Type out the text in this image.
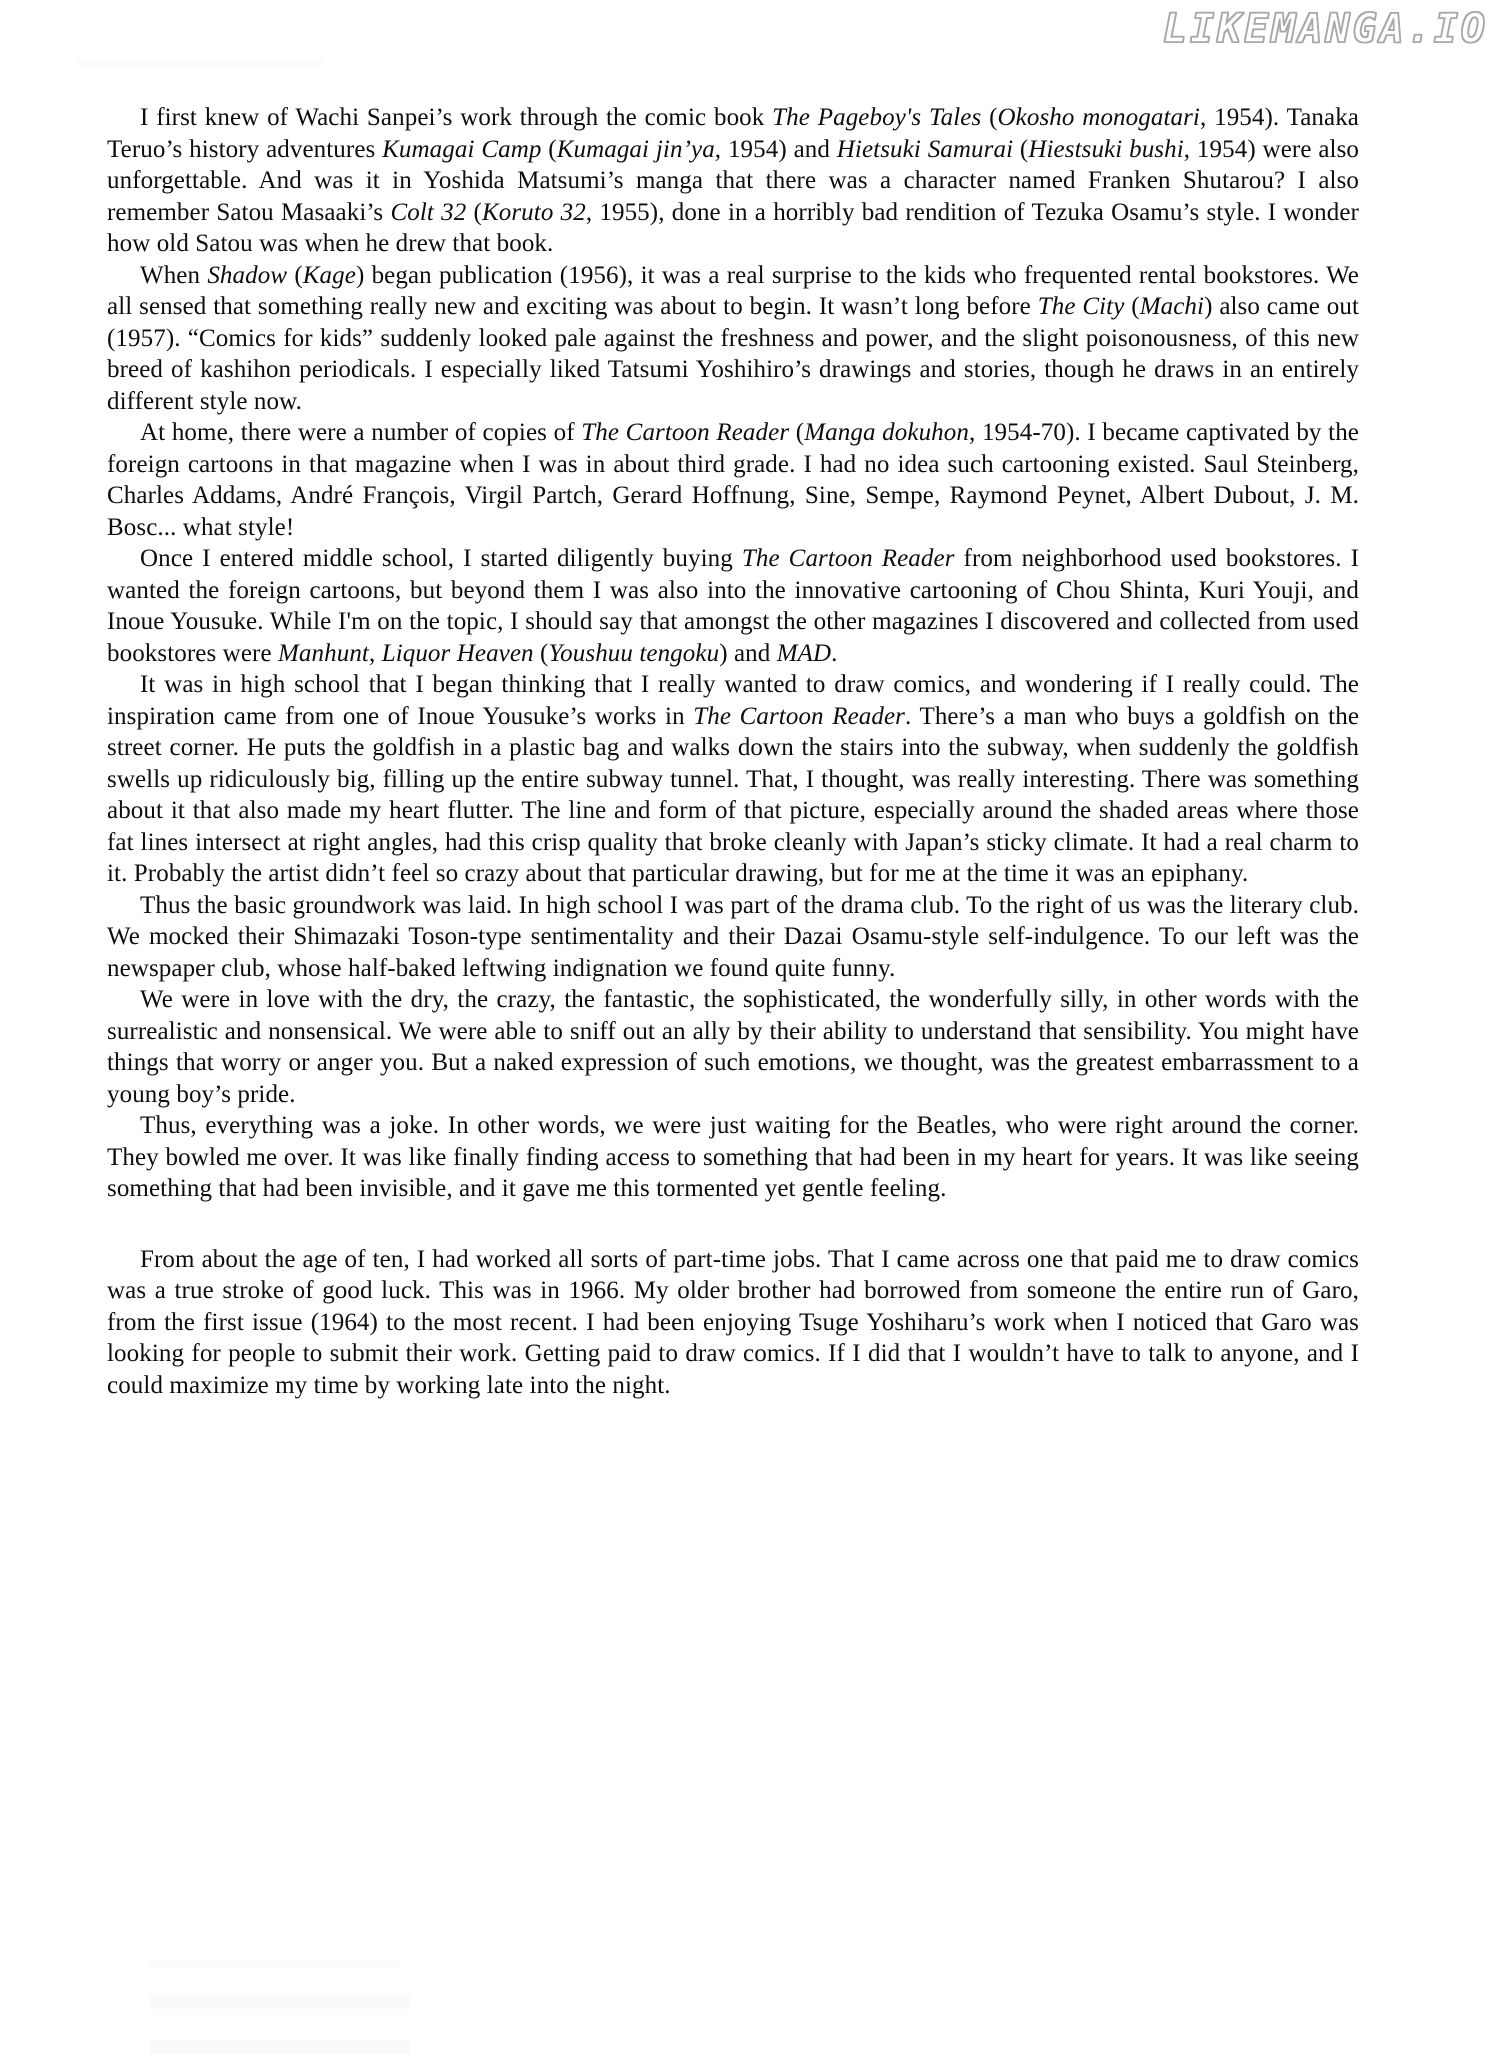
LIKEMANGA.IO

I first knew of Wachi Sanpei’s work through the comic book The Pageboy's Tales (Okosho monogatari, 1954). Tanaka Teruo’s history adventures Kumagai Camp (Kumagai jin’ya, 1954) and Hietsuki Samurai (Hiestsuki bushi, 1954) were also unforgettable. And was it in Yoshida Matsumi’s manga that there was a character named Franken Shutarou? I also remember Satou Masaaki’s Colt 32 (Koruto 32, 1955), done in a horribly bad rendition of Tezuka Osamu’s style. I wonder how old Satou was when he drew that book.

When Shadow (Kage) began publication (1956), it was a real surprise to the kids who frequented rental bookstores. We all sensed that something really new and exciting was about to begin. It wasn’t long before The City (Machi) also came out (1957). “Comics for kids” suddenly looked pale against the freshness and power, and the slight poisonousness, of this new breed of kashihon periodicals. I especially liked Tatsumi Yoshihiro’s drawings and stories, though he draws in an entirely different style now.

At home, there were a number of copies of The Cartoon Reader (Manga dokuhon, 1954-70). I became captivated by the foreign cartoons in that magazine when I was in about third grade. I had no idea such cartooning existed. Saul Steinberg, Charles Addams, André François, Virgil Partch, Gerard Hoffnung, Sine, Sempe, Raymond Peynet, Albert Dubout, J. M. Bosc... what style!

Once I entered middle school, I started diligently buying The Cartoon Reader from neighborhood used bookstores. I wanted the foreign cartoons, but beyond them I was also into the innovative cartooning of Chou Shinta, Kuri Youji, and Inoue Yousuke. While I'm on the topic, I should say that amongst the other magazines I discovered and collected from used bookstores were Manhunt, Liquor Heaven (Youshuu tengoku) and MAD.

It was in high school that I began thinking that I really wanted to draw comics, and wondering if I really could. The inspiration came from one of Inoue Yousuke’s works in The Cartoon Reader. There’s a man who buys a goldfish on the street corner. He puts the goldfish in a plastic bag and walks down the stairs into the subway, when suddenly the goldfish swells up ridiculously big, filling up the entire subway tunnel. That, I thought, was really interesting. There was something about it that also made my heart flutter. The line and form of that picture, especially around the shaded areas where those fat lines intersect at right angles, had this crisp quality that broke cleanly with Japan’s sticky climate. It had a real charm to it. Probably the artist didn’t feel so crazy about that particular drawing, but for me at the time it was an epiphany.

Thus the basic groundwork was laid. In high school I was part of the drama club. To the right of us was the literary club. We mocked their Shimazaki Toson-type sentimentality and their Dazai Osamu-style self-indulgence. To our left was the newspaper club, whose half-baked leftwing indignation we found quite funny.

We were in love with the dry, the crazy, the fantastic, the sophisticated, the wonderfully silly, in other words with the surrealistic and nonsensical. We were able to sniff out an ally by their ability to understand that sensibility. You might have things that worry or anger you. But a naked expression of such emotions, we thought, was the greatest embarrassment to a young boy’s pride.

Thus, everything was a joke. In other words, we were just waiting for the Beatles, who were right around the corner. They bowled me over. It was like finally finding access to something that had been in my heart for years. It was like seeing something that had been invisible, and it gave me this tormented yet gentle feeling.

From about the age of ten, I had worked all sorts of part-time jobs. That I came across one that paid me to draw comics was a true stroke of good luck. This was in 1966. My older brother had borrowed from someone the entire run of Garo, from the first issue (1964) to the most recent. I had been enjoying Tsuge Yoshiharu’s work when I noticed that Garo was looking for people to submit their work. Getting paid to draw comics. If I did that I wouldn’t have to talk to anyone, and I could maximize my time by working late into the night.
